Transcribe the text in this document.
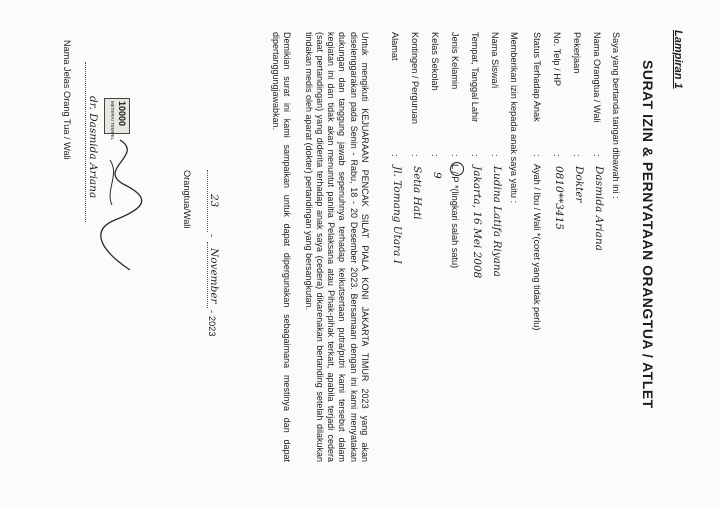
Lampiran 1
SURAT IZIN & PERNYATAAN ORANGTUA / ATLET
Saya yang bertanda tangan dibawah ini :
Nama Orangtua / Wali
:
Dasmida Ariana
Pekerjaan
:
Dokter
No. Telp / HP
:
0810**3415
Status Terhadap Anak
:
Ayah / Ibu / Wali *(coret yang tidak perlu)
Memberikan izin kepada anak saya yaitu :
Nama Siswa/i
:
Ludina Latifa Riyana
Tempat, Tanggal Lahir
:
Jakarta, 16 Mei 2008
Jenis Kelamin
:
L / P *(lingkari salah satu)
Kelas Sekolah
:
9
Kontingen / Perguruan
:
Setia Hati
Alamat
:
Jl. Tomang Utara I
Untuk mengikuti KEJUARAAN PENCAK SILAT PIALA KONI JAKARTA TIMUR 2023 yang akan diselenggarakan pada Senin - Rabu, 18 - 20 Desember 2023. Bersamaan dengan ini kami menyatakan dukungan dan tanggung jawab sepenuhnya terhadap keikutsertaan putra/putri kami tersebut dalam kegiatan ini dan tidak akan menuntut panitia Pelaksana atau Pihak-pihak terkait, apabila terjadi cedera (saat pertandingan) yang diderita terhadap anak saya (cedera) dikarenakan bertanding setelah dilakukan tindakan medis oleh aparat (dokter) pertandingan yang bersangkutan.
Demikian surat ini kami sampaikan untuk dapat dipergunakan sebagaimana mestinya dan dapat dipertanggungjawabkan.
23
-
November
-
2023
Orangtua/Wali
10000
METERAI TEMPEL
dr. Dasmida Ariana
Nama Jelas Orang Tua / Wali
